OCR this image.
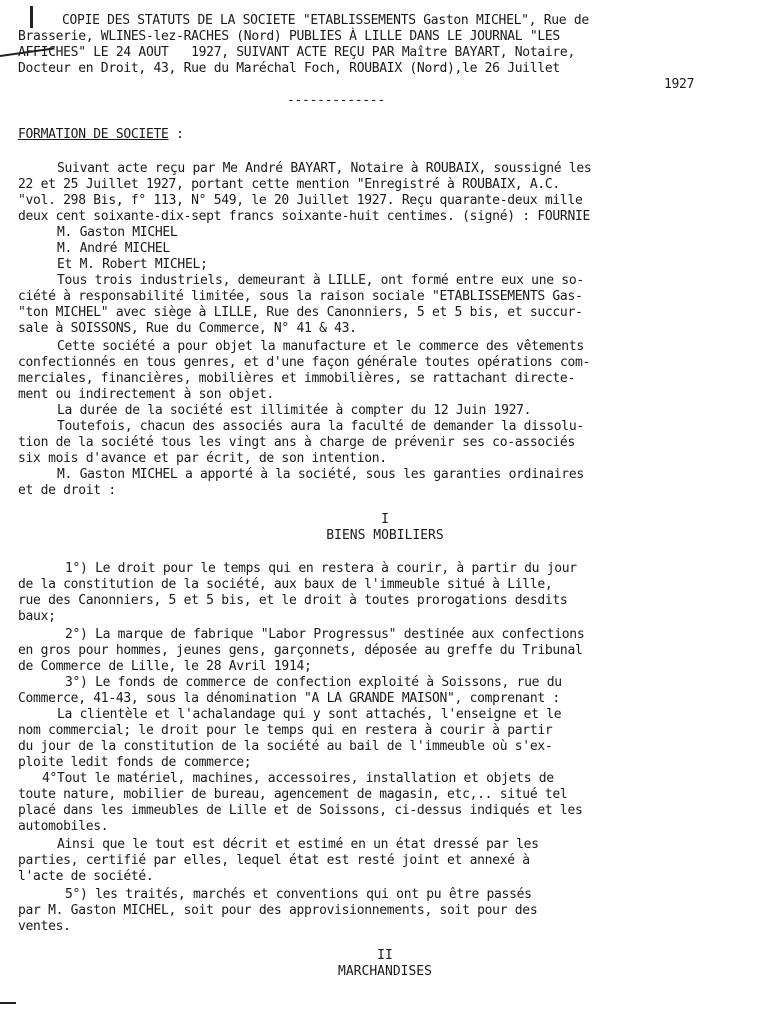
COPIE DES STATUTS DE LA SOCIETE "ETABLISSEMENTS Gaston MICHEL", Rue de
Brasserie, WLINES-lez-RACHES (Nord) PUBLIES À LILLE DANS LE JOURNAL "LES
AFFICHES" LE 24 AOUT   1927, SUIVANT ACTE REÇU PAR Maître BAYART, Notaire,
Docteur en Droit, 43, Rue du Maréchal Foch, ROUBAIX (Nord),le 26 Juillet
1927
-------------
FORMATION DE SOCIETE :
Suivant acte reçu par Me André BAYART, Notaire à ROUBAIX, soussigné les
22 et 25 Juillet 1927, portant cette mention "Enregistré à ROUBAIX, A.C.
"vol. 298 Bis, f° 113, N° 549, le 20 Juillet 1927. Reçu quarante-deux mille
deux cent soixante-dix-sept francs soixante-huit centimes. (signé) : FOURNIE
M. Gaston MICHEL
M. André MICHEL
Et M. Robert MICHEL;
Tous trois industriels, demeurant à LILLE, ont formé entre eux une so-
ciété à responsabilité limitée, sous la raison sociale "ETABLISSEMENTS Gas-
"ton MICHEL" avec siège à LILLE, Rue des Canonniers, 5 et 5 bis, et succur-
sale à SOISSONS, Rue du Commerce, N° 41 & 43.
Cette société a pour objet la manufacture et le commerce des vêtements
confectionnés en tous genres, et d'une façon générale toutes opérations com-
merciales, financières, mobilières et immobilières, se rattachant directe-
ment ou indirectement à son objet.
La durée de la société est illimitée à compter du 12 Juin 1927.
Toutefois, chacun des associés aura la faculté de demander la dissolu-
tion de la société tous les vingt ans à charge de prévenir ses co-associés
six mois d'avance et par écrit, de son intention.
M. Gaston MICHEL a apporté à la société, sous les garanties ordinaires
et de droit :
I
BIENS MOBILIERS
1°) Le droit pour le temps qui en restera à courir, à partir du jour
de la constitution de la société, aux baux de l'immeuble situé à Lille,
rue des Canonniers, 5 et 5 bis, et le droit à toutes prorogations desdits
baux;
2°) La marque de fabrique "Labor Progressus" destinée aux confections
en gros pour hommes, jeunes gens, garçonnets, déposée au greffe du Tribunal
de Commerce de Lille, le 28 Avril 1914;
3°) Le fonds de commerce de confection exploité à Soissons, rue du
Commerce, 41-43, sous la dénomination "A LA GRANDE MAISON", comprenant :
La clientèle et l'achalandage qui y sont attachés, l'enseigne et le
nom commercial; le droit pour le temps qui en restera à courir à partir
du jour de la constitution de la société au bail de l'immeuble où s'ex-
ploite ledit fonds de commerce;
4°Tout le matériel, machines, accessoires, installation et objets de
toute nature, mobilier de bureau, agencement de magasin, etc,.. situé tel
placé dans les immeubles de Lille et de Soissons, ci-dessus indiqués et les
automobiles.
Ainsi que le tout est décrit et estimé en un état dressé par les
parties, certifié par elles, lequel état est resté joint et annexé à
l'acte de société.
5°) les traités, marchés et conventions qui ont pu être passés
par M. Gaston MICHEL, soit pour des approvisionnements, soit pour des
ventes.
II
MARCHANDISES
